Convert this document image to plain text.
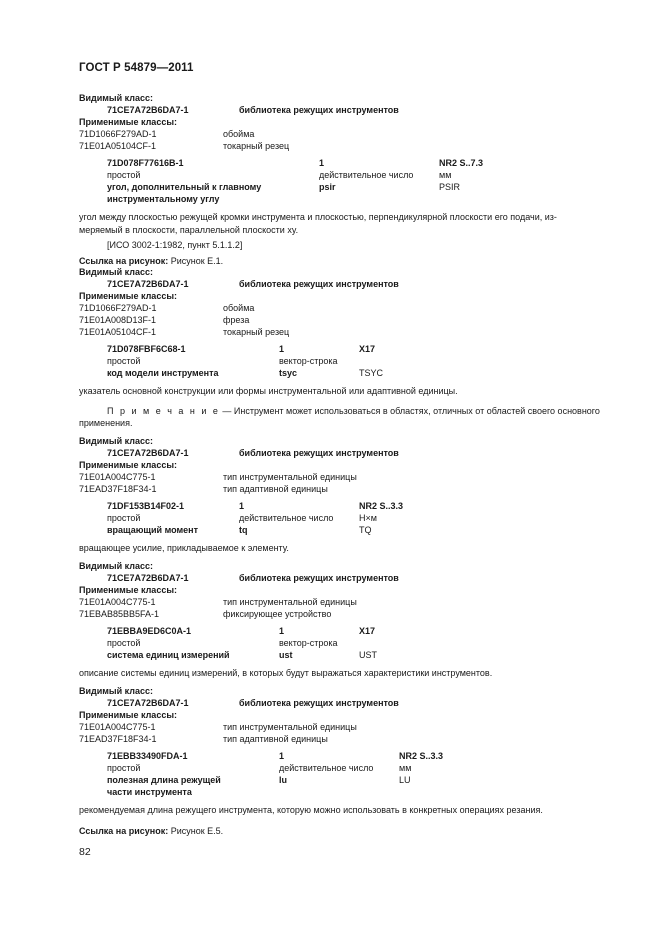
ГОСТ Р 54879—2011
Видимый класс:
71CE7A72B6DA7-1	библиотека режущих инструментов
Применимые классы:
71D1066F279AD-1	обойма
71E01A05104CF-1	токарный резец
71D078F77616B-1	1	NR2 S..7.3
простой	действительное число	мм
угол, дополнительный к главному	psir	PSIR
инструментальному углу
угол между плоскостью режущей кромки инструмента и плоскостью, перпендикулярной плоскости его подачи, из-
меряемый в плоскости, параллельной плоскости xy.
[ИСО 3002-1:1982, пункт 5.1.1.2]
Ссылка на рисунок: Рисунок Е.1.
Видимый класс:
71CE7A72B6DA7-1	библиотека режущих инструментов
Применимые классы:
71D1066F279AD-1	обойма
71E01A008D13F-1	фреза
71E01A05104CF-1	токарный резец
71D078FBF6C68-1	1	X17
простой	вектор-строка
код модели инструмента	tsyc	TSYC
указатель основной конструкции или формы инструментальной или адаптивной единицы.
П р и м е ч а н и е — Инструмент может использоваться в областях, отличных от областей своего основного
применения.
Видимый класс:
71CE7A72B6DA7-1	библиотека режущих инструментов
Применимые классы:
71E01A004C775-1	тип инструментальной единицы
71EAD37F18F34-1	тип адаптивной единицы
71DF153B14F02-1	1	NR2 S..3.3
простой	действительное число	Н×м
вращающий момент	tq	TQ
вращающее усилие, прикладываемое к элементу.
Видимый класс:
71CE7A72B6DA7-1	библиотека режущих инструментов
Применимые классы:
71E01A004C775-1	тип инструментальной единицы
71EBAB85BB5FA-1	фиксирующее устройство
71EBBA9ED6C0A-1	1	X17
простой	вектор-строка
система единиц измерений	ust	UST
описание системы единиц измерений, в которых будут выражаться характеристики инструментов.
Видимый класс:
71CE7A72B6DA7-1	библиотека режущих инструментов
Применимые классы:
71E01A004C775-1	тип инструментальной единицы
71EAD37F18F34-1	тип адаптивной единицы
71EBB33490FDA-1	1	NR2 S..3.3
простой	действительное число	мм
полезная длина режущей	lu	LU
части инструмента
рекомендуемая длина режущего инструмента, которую можно использовать в конкретных операциях резания.
Ссылка на рисунок: Рисунок Е.5.
82
